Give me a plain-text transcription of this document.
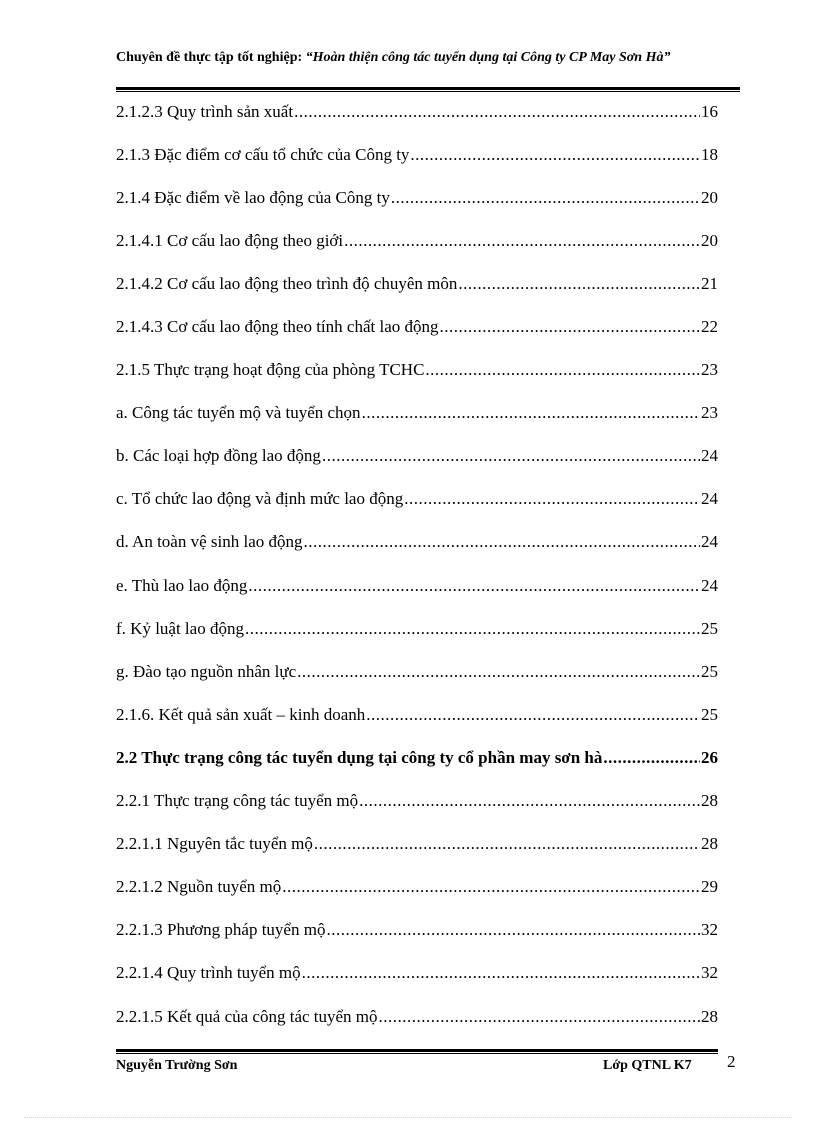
Chuyên đề thực tập tốt nghiệp: “Hoàn thiện công tác tuyển dụng tại Công ty CP May Sơn Hà”
2.1.2.3 Quy trình sản xuất .....	16
2.1.3 Đặc điểm cơ cấu tổ chức của Công ty .....	18
2.1.4 Đặc điểm về lao động của Công ty .....	20
2.1.4.1 Cơ cấu lao động theo giới .....	20
2.1.4.2 Cơ cấu lao động theo trình độ chuyên môn .....	21
2.1.4.3 Cơ cấu lao động theo tính chất lao động .....	22
2.1.5 Thực trạng hoạt động của phòng TCHC .....	23
a. Công tác tuyển mộ và tuyển chọn .....	23
b. Các loại hợp đồng lao động .....	24
c. Tổ chức lao động và định mức lao động .....	24
d. An toàn vệ sinh lao động .....	24
e. Thù lao lao động .....	24
f. Kỷ luật lao động .....	25
g. Đào tạo nguồn nhân lực .....	25
2.1.6. Kết quả sản xuất – kinh doanh .....	25
2.2 Thực trạng công tác tuyển dụng tại công ty cổ phần may sơn hà .....	26
2.2.1 Thực trạng công tác tuyển mộ .....	28
2.2.1.1 Nguyên tắc tuyển mộ .....	28
2.2.1.2 Nguồn tuyển mộ .....	29
2.2.1.3 Phương pháp tuyển mộ .....	32
2.2.1.4 Quy trình tuyển mộ .....	32
2.2.1.5 Kết quả của công tác tuyển mộ .....	28
Nguyễn Trường Sơn	Lớp QTNL K7 2
